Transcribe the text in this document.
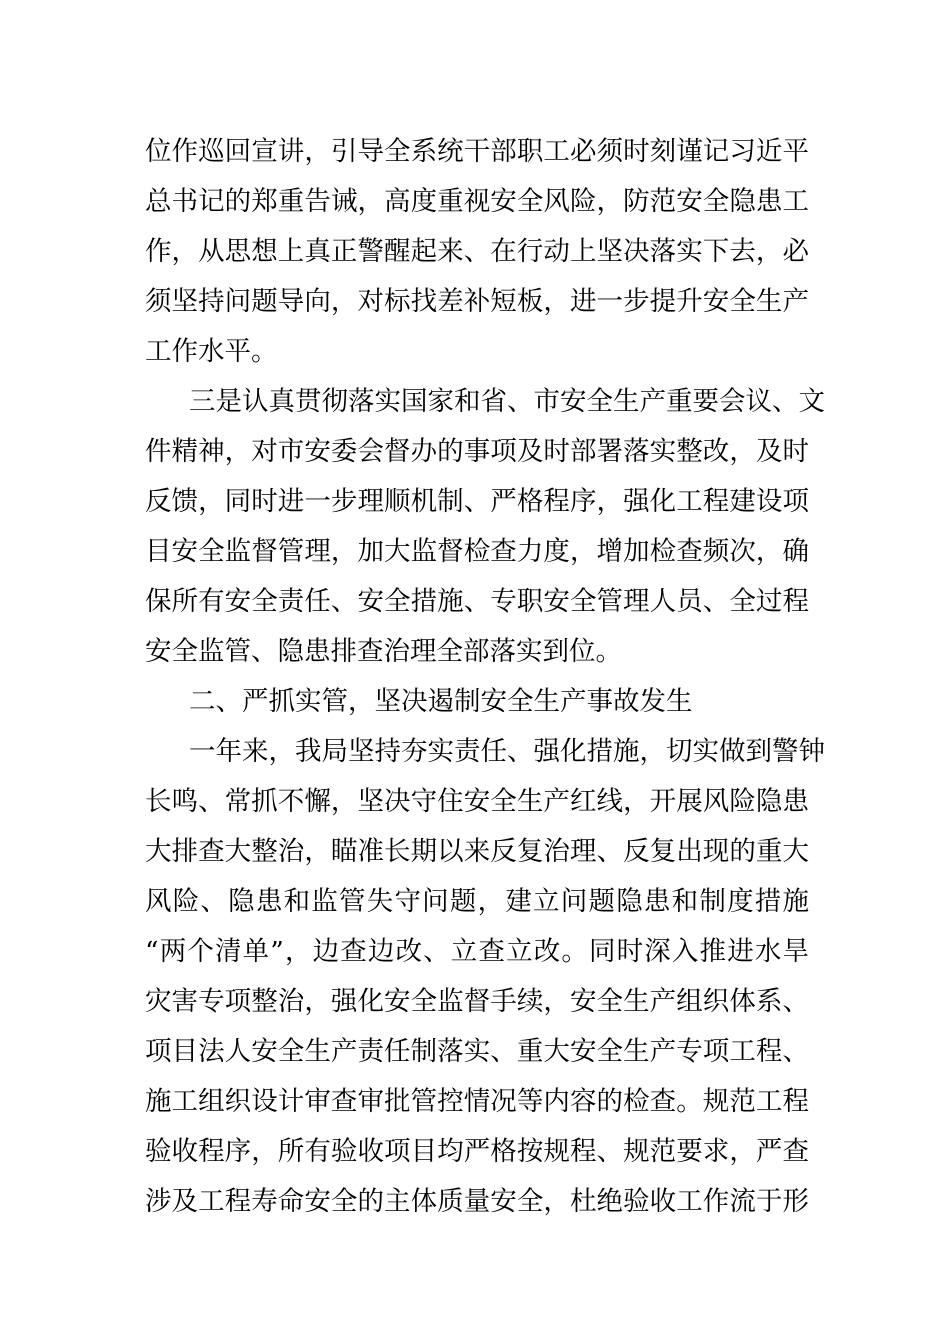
位作巡回宣讲，引导全系统干部职工必须时刻谨记习近平
总书记的郑重告诫，高度重视安全风险，防范安全隐患工
作，从思想上真正警醒起来、在行动上坚决落实下去，必
须坚持问题导向，对标找差补短板，进一步提升安全生产
工作水平。
三是认真贯彻落实国家和省、市安全生产重要会议、文
件精神，对市安委会督办的事项及时部署落实整改，及时
反馈，同时进一步理顺机制、严格程序，强化工程建设项
目安全监督管理，加大监督检查力度，增加检查频次，确
保所有安全责任、安全措施、专职安全管理人员、全过程
安全监管、隐患排查治理全部落实到位。
二、严抓实管，坚决遏制安全生产事故发生
一年来，我局坚持夯实责任、强化措施，切实做到警钟
长鸣、常抓不懈，坚决守住安全生产红线，开展风险隐患
大排查大整治，瞄准长期以来反复治理、反复出现的重大
风险、隐患和监管失守问题，建立问题隐患和制度措施
“两个清单”，边查边改、立查立改。同时深入推进水旱
灾害专项整治，强化安全监督手续，安全生产组织体系、
项目法人安全生产责任制落实、重大安全生产专项工程、
施工组织设计审查审批管控情况等内容的检查。规范工程
验收程序，所有验收项目均严格按规程、规范要求，严查
涉及工程寿命安全的主体质量安全，杜绝验收工作流于形
